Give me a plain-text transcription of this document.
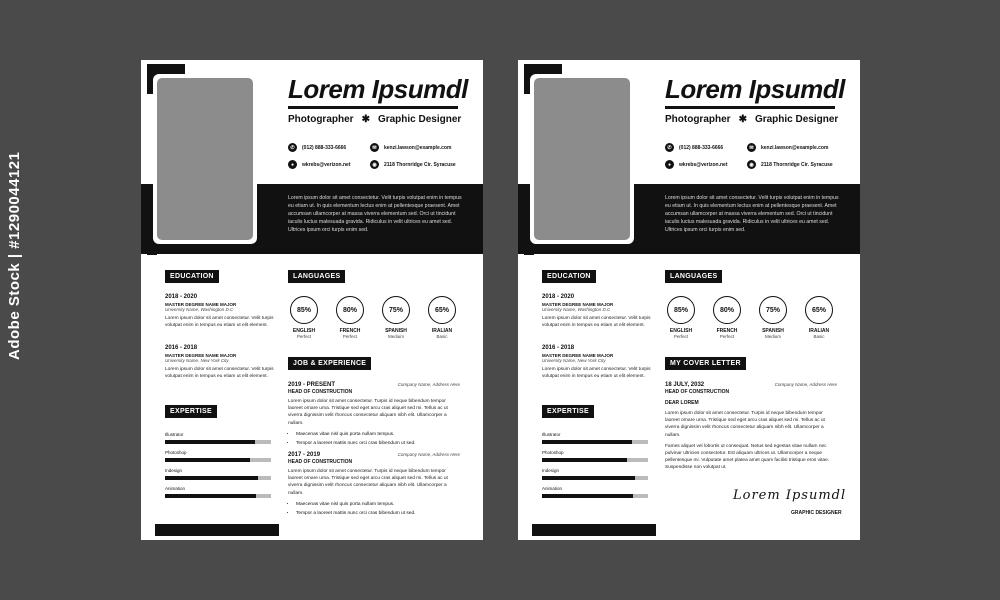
Adobe Stock | #1290044121
Lorem Ipsumdl
Photographer ✱ Graphic Designer
✆	(012) 888-333-6666	✉	kenzi.lawson@example.com
●	wkrebs@verizon.net	◉	2118 Thornridge Cir. Syracuse
Lorem ipsum dolor sit amet consectetur. Velit turpis volutpat enim in tempus eu etiam ut. In quis elementum lectus enim at pellentesque praesent. Amet accumsan ullamcorper at massa viverra elementum sed. Orci ut tincidunt iaculis luctus malesuada gravida. Ridiculus in velit ultrices eu amet sed. Ultrices ipsum orci turpis enim sed.
EDUCATION
2018 - 2020
MASTER DEGREE NAME MAJOR
University Name, Washington D.C
Lorem ipsum dolor sit amet consectetur. Velit turpis volutpat enim in tempus eu etiam ut elit element.
2016 - 2018
MASTER DEGREE NAME MAJOR
University Name, New York City
Lorem ipsum dolor sit amet consectetur. Velit turpis volutpat enim in tempus eu etiam ut elit element.
EXPERTISE
Illustrator
Photoshop
Indesign
Animation
LANGUAGES
85%
ENGLISH
Perfect
80%
FRENCH
Perfect
75%
SPANISH
Medium
65%
IRALIAN
Basic
JOB & EXPERIENCE
2019 - PRESENT	Company Name, Address Here
HEAD OF CONSTRUCTION
Lorem ipsum dolor sit amet consectetur. Turpis id neque bibendum tempor laoreet ornare urna. Tristique sed eget arcu cras aliquet sed mi. Tellus ac ut viverra dignissim velit rhoncus consectetur aliquam nibh elit. Ullamcorper a nullam.
• Maecenas vitae nisl quis porta nullam tempus.
• Tempor a laoreet mattis nunc orci cras bibendum ut sed.
2017 - 2019	Company Name, Address Here
HEAD OF CONSTRUCTION
Lorem ipsum dolor sit amet consectetur. Turpis id neque bibendum tempor laoreet ornare urna. Tristique sed eget arcu cras aliquet sed mi. Tellus ac ut viverra dignissim velit rhoncus consectetur aliquam nibh elit. Ullamcorper a nullam.
• Maecenas vitae nisl quis porta nullam tempus.
• Tempor a laoreet mattis nunc orci cras bibendum ut sed.
Lorem Ipsumdl
Photographer ✱ Graphic Designer
✆	(012) 888-333-6666	✉	kenzi.lawson@example.com
●	wkrebs@verizon.net	◉	2118 Thornridge Cir. Syracuse
Lorem ipsum dolor sit amet consectetur. Velit turpis volutpat enim in tempus eu etiam ut. In quis elementum lectus enim at pellentesque praesent. Amet accumsan ullamcorper at massa viverra elementum sed. Orci ut tincidunt iaculis luctus malesuada gravida. Ridiculus in velit ultrices eu amet sed. Ultrices ipsum orci turpis enim sed.
EDUCATION
2018 - 2020
MASTER DEGREE NAME MAJOR
University Name, Washington D.C
Lorem ipsum dolor sit amet consectetur. Velit turpis volutpat enim in tempus eu etiam ut elit element.
2016 - 2018
MASTER DEGREE NAME MAJOR
University Name, New York City
Lorem ipsum dolor sit amet consectetur. Velit turpis volutpat enim in tempus eu etiam ut elit element.
EXPERTISE
Illustrator
Photoshop
Indesign
Animation
LANGUAGES
85%
ENGLISH
Perfect
80%
FRENCH
Perfect
75%
SPANISH
Medium
65%
IRALIAN
Basic
MY COVER LETTER
18 JULY, 2032	Company Name, Address Here
HEAD OF CONSTRUCTION
DEAR LOREM
Lorem ipsum dolor sit amet consectetur. Turpis id neque bibendum tempor laoreet ornare urna. Tristique sed eget arcu cras aliquet sed mi. Tellus ac ut viverra dignissim velit rhoncus consectetur aliquam nibh elit. Ullamcorper a nullam.
Fames aliquet vel lobortis ut consequat. Netus sed egestas vitae nullam nec pulvinar ultricies consectetur. Est aliquam ultrices ut. Ullamcorper a neque pellentesque mi. Vulputate amet platea amet quam facilisi tristique eros vitae. Suspendisse non volutpat ut.
Lorem Ipsumdl
GRAPHIC DESIGNER
